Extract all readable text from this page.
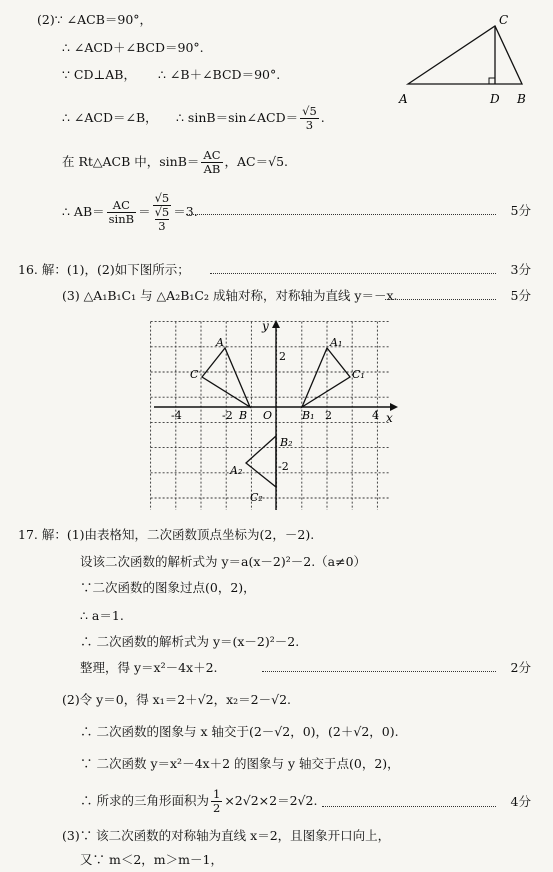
(2)∵ ∠ACB＝90°，
∴ ∠ACD＋∠BCD＝90°.
∵ CD⊥AB， ∴ ∠B＋∠BCD＝90°.
∴ ∠ACD＝∠B， ∴ sinB＝sin∠ACD＝ $\frac{√5}{3}$ .
在 Rt△ACB 中，$\sin B= \frac{AC}{AB}$ ，AC＝√5.
∴ $AB= \frac{AC}{\sin B} = √5$
√5
3 ＝3.	5分
A
C
D B
16. 解：(1)，(2)如下图所示；	3分
(3) △A₁B₁C₁ 与 △A₂B₁C₂ 成轴对称，对称轴为直线 y＝－x.	5分
x
y
O
-4	-2	2	4
2
-2
A
C
B
A₁
C₁
B₁
B₂
A₂
C₂
17. 解：(1)由表格知，二次函数顶点坐标为(2，－2).
设该二次函数的解析式为 y＝a(x－2)²－2.（a≠0）
∵二次函数的图象过点(0，2)，
∴ a＝1.
∴ 二次函数的解析式为 y＝(x－2)²－2.
整理，得 y＝x²－4x＋2.	2分
(2)令 y＝0，得 x₁＝2＋√2，x₂＝2－√2.
∴ 二次函数的图象与 x 轴交于(2－√2，0)，(2＋√2，0).
∵ 二次函数 y＝x²－4x＋2 的图象与 y 轴交于点(0，2)，
∴ 所求的三角形面积为 $\frac{1}{2} \times 2√2\times 2=2√2$.	4分
(3)∵ 该二次函数的对称轴为直线 x＝2，且图象开口向上，
又∵ m＜2，m＞m－1，
